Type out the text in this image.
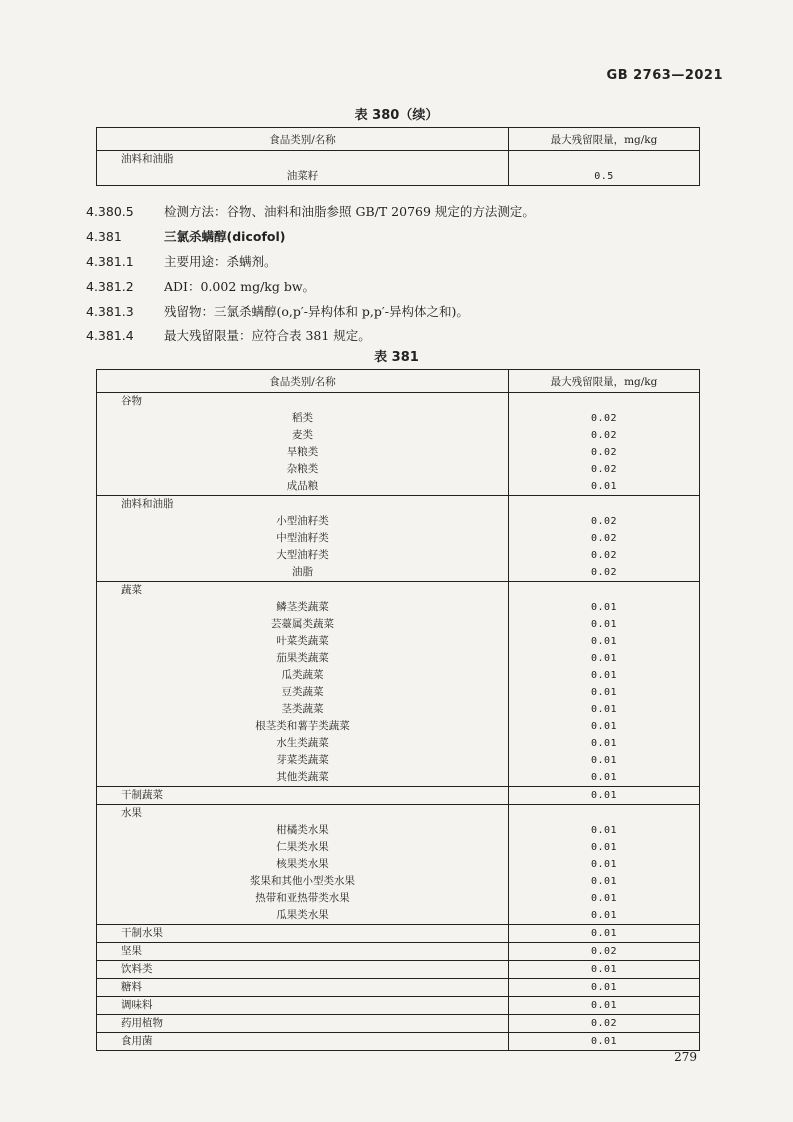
GB 2763—2021
表 380（续）
食品类别/名称	最大残留限量，mg/kg
油料和油脂	
油菜籽	0.5
4.380.5 检测方法：谷物、油料和油脂参照 GB/T 20769 规定的方法测定。
4.381	三氯杀螨醇(dicofol)
4.381.1 主要用途：杀螨剂。
4.381.2 ADI：0.002 mg/kg bw。
4.381.3 残留物：三氯杀螨醇(o,p′-异构体和 p,p′-异构体之和)。
4.381.4 最大残留限量：应符合表 381 规定。
表 381
食品类别/名称	最大残留限量，mg/kg
谷物	
稻类	0.02
麦类	0.02
旱粮类	0.02
杂粮类	0.02
成品粮	0.01
油料和油脂	
小型油籽类	0.02
中型油籽类	0.02
大型油籽类	0.02
油脂	0.02
蔬菜	
鳞茎类蔬菜	0.01
芸薹属类蔬菜	0.01
叶菜类蔬菜	0.01
茄果类蔬菜	0.01
瓜类蔬菜	0.01
豆类蔬菜	0.01
茎类蔬菜	0.01
根茎类和薯芋类蔬菜	0.01
水生类蔬菜	0.01
芽菜类蔬菜	0.01
其他类蔬菜	0.01
干制蔬菜	0.01
水果	
柑橘类水果	0.01
仁果类水果	0.01
核果类水果	0.01
浆果和其他小型类水果	0.01
热带和亚热带类水果	0.01
瓜果类水果	0.01
干制水果	0.01
坚果	0.02
饮料类	0.01
糖料	0.01
调味料	0.01
药用植物	0.02
食用菌	0.01
279
